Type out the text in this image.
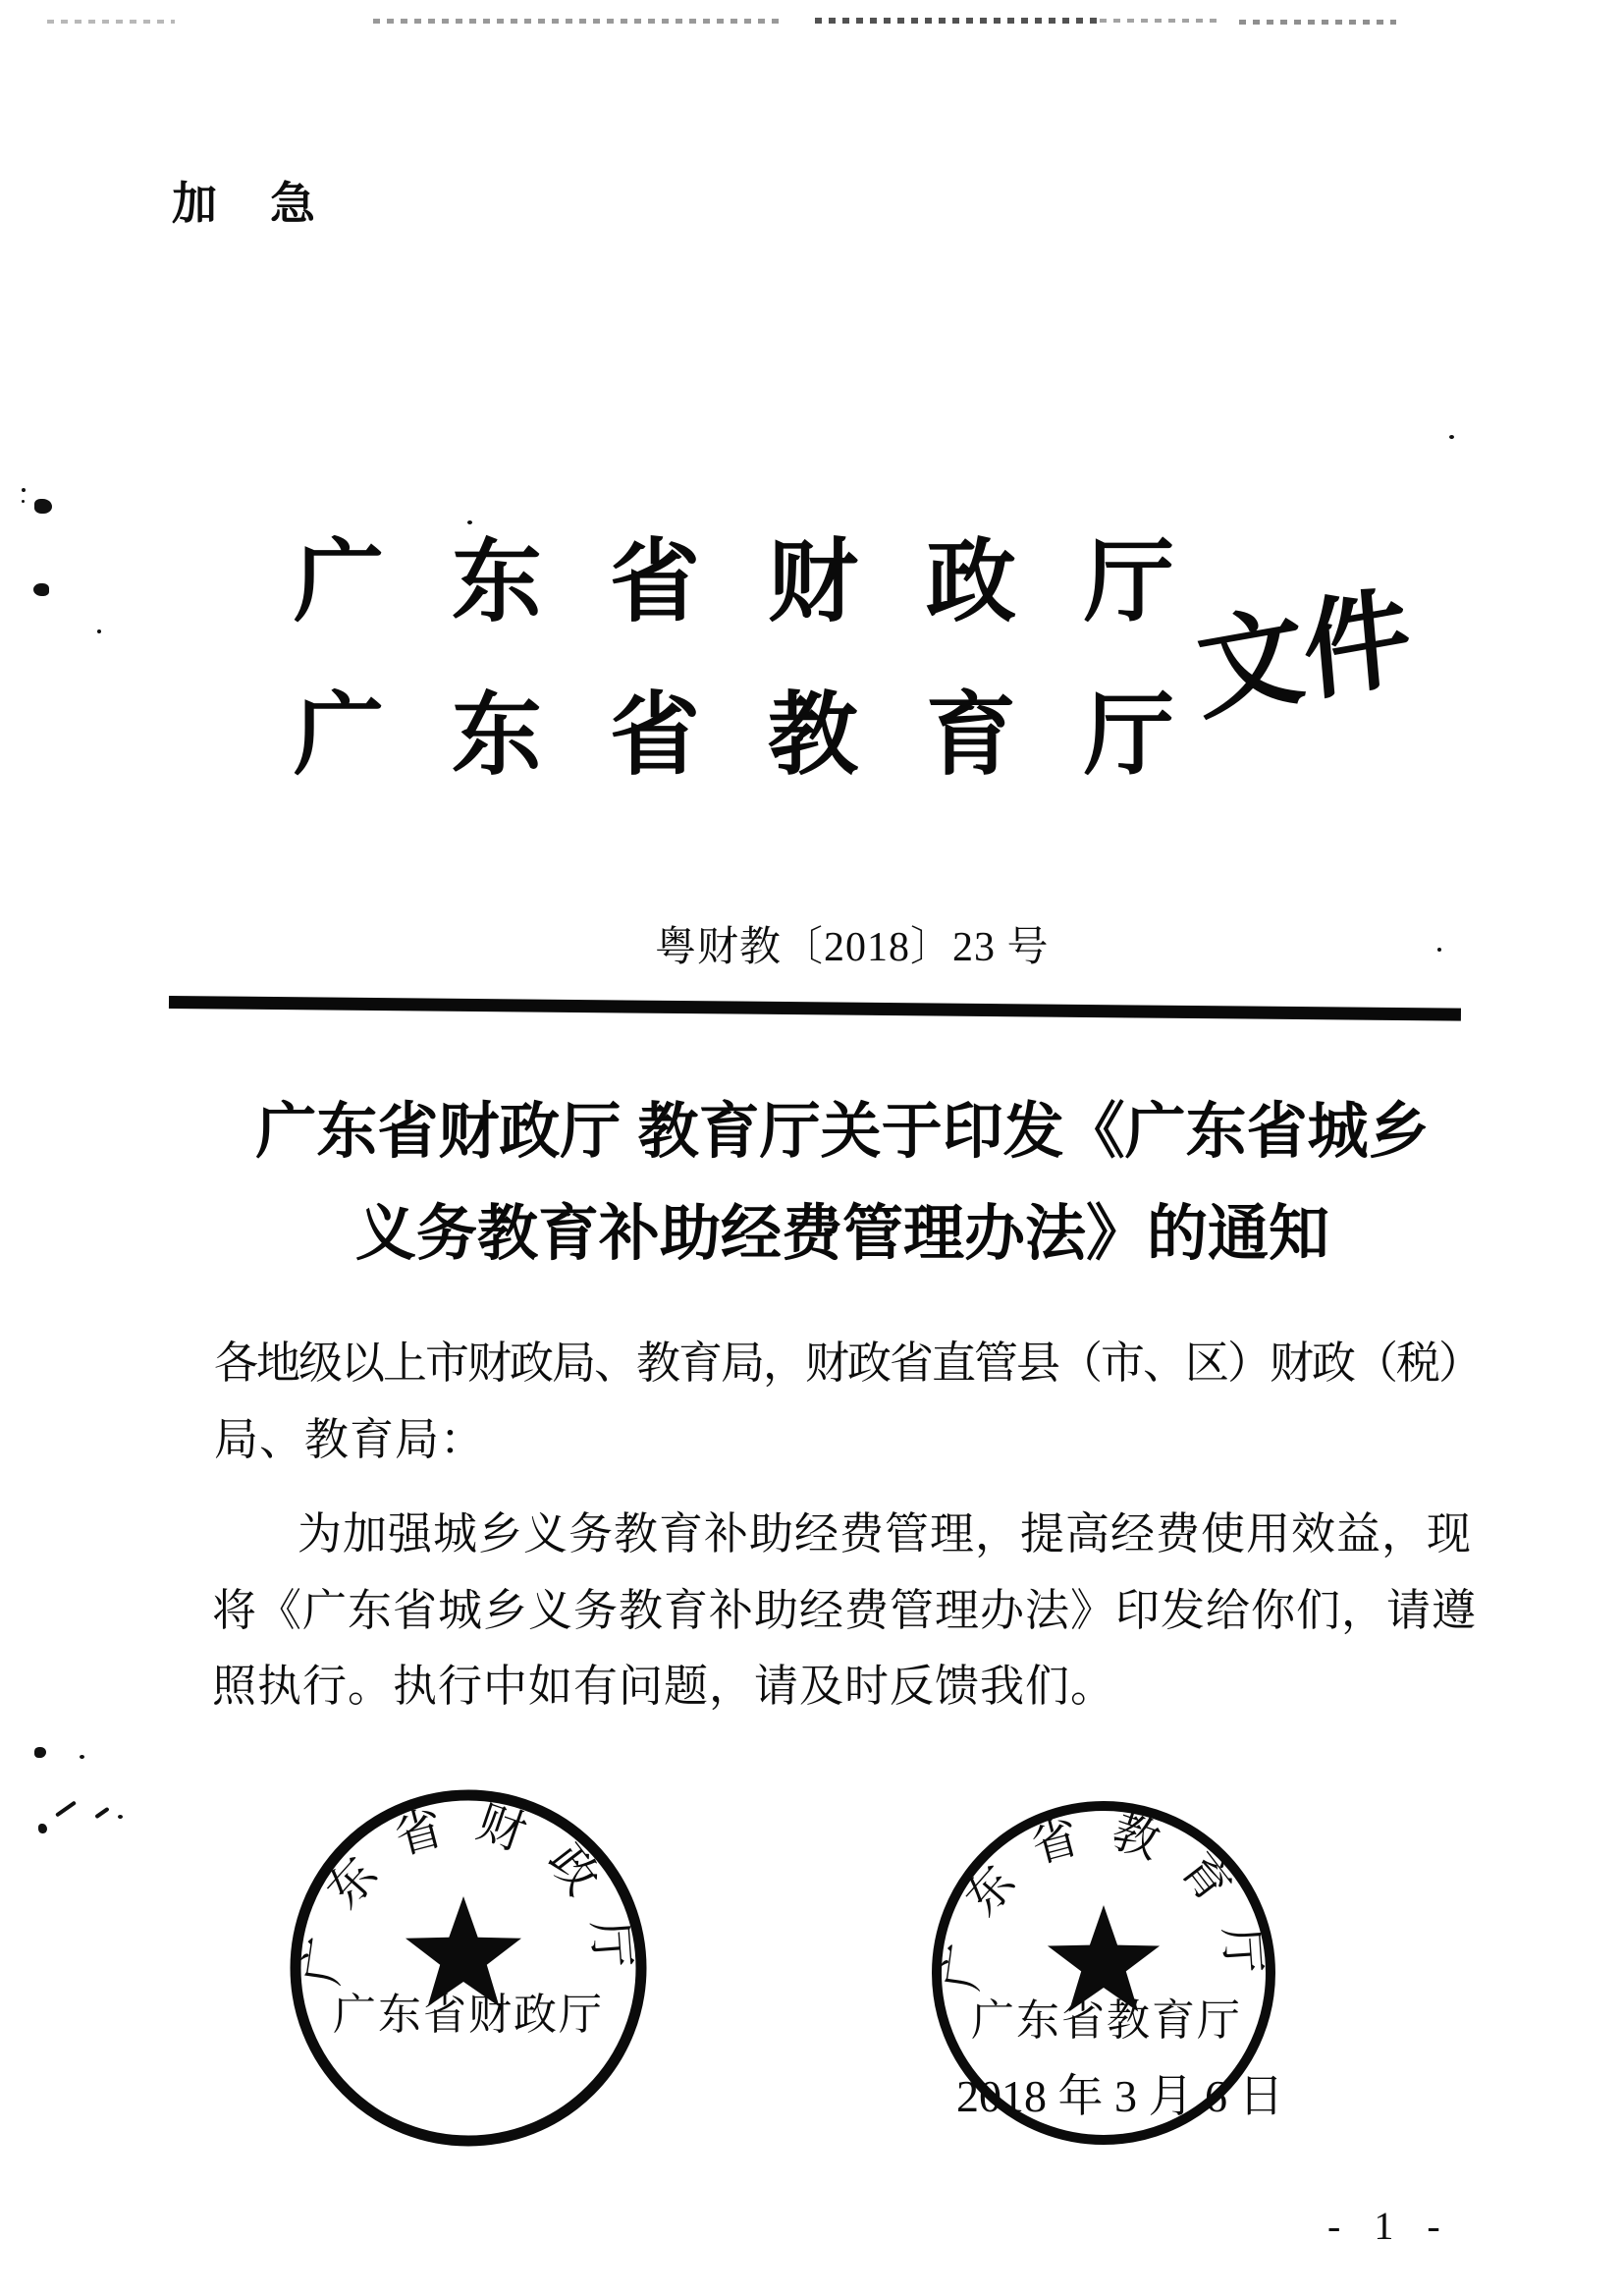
加急
广东省财政厅
广东省教育厅
文件
粤财教〔2018〕23 号
广东省财政厅 教育厅关于印发《广东省城乡
义务教育补助经费管理办法》的通知
各地级以上市财政局、教育局，财政省直管县（市、区）财政（税）
局、教育局：
为加强城乡义务教育补助经费管理，提高经费使用效益，现
将《广东省城乡义务教育补助经费管理办法》印发给你们，请遵
照执行。执行中如有问题，请及时反馈我们。
广东省财政厅
广东省财政厅
广东省教育厅
广东省教育厅
2018 年 3 月 6 日
- 1 -
